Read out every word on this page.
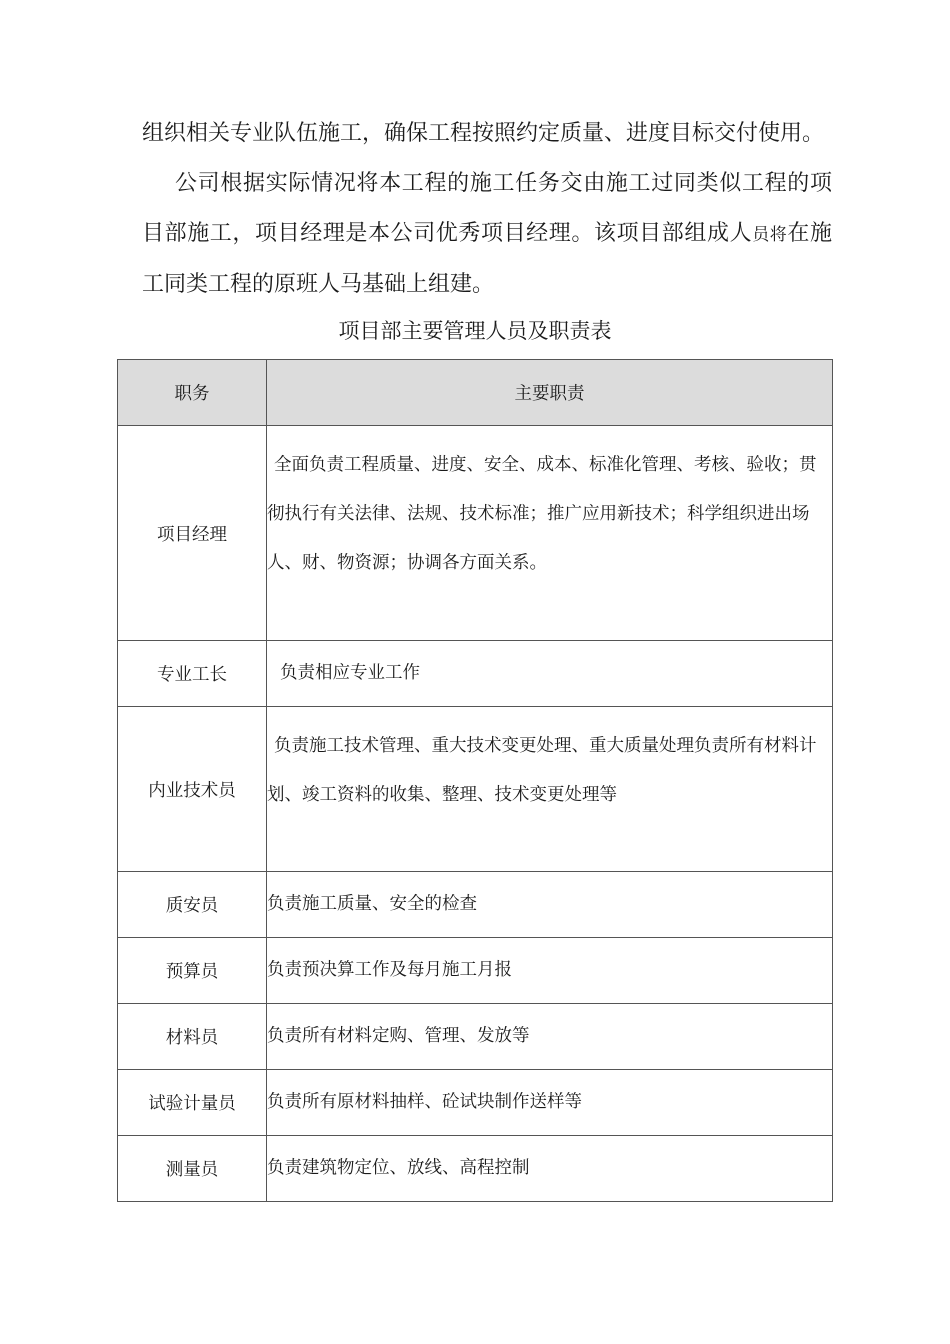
组织相关专业队伍施工，确保工程按照约定质量、进度目标交付使用。

公司根据实际情况将本工程的施工任务交由施工过同类似工程的项目部施工，项目经理是本公司优秀项目经理。该项目部组成人员将在施工同类工程的原班人马基础上组建。

项目部主要管理人员及职责表

职务	主要职责
项目经理	全面负责工程质量、进度、安全、成本、标准化管理、考核、验收；贯彻执行有关法律、法规、技术标准；推广应用新技术；科学组织进出场人、财、物资源；协调各方面关系。
专业工长	负责相应专业工作
内业技术员	负责施工技术管理、重大技术变更处理、重大质量处理负责所有材料计划、竣工资料的收集、整理、技术变更处理等
质安员	负责施工质量、安全的检查
预算员	负责预决算工作及每月施工月报
材料员	负责所有材料定购、管理、发放等
试验计量员	负责所有原材料抽样、砼试块制作送样等
测量员	负责建筑物定位、放线、高程控制
